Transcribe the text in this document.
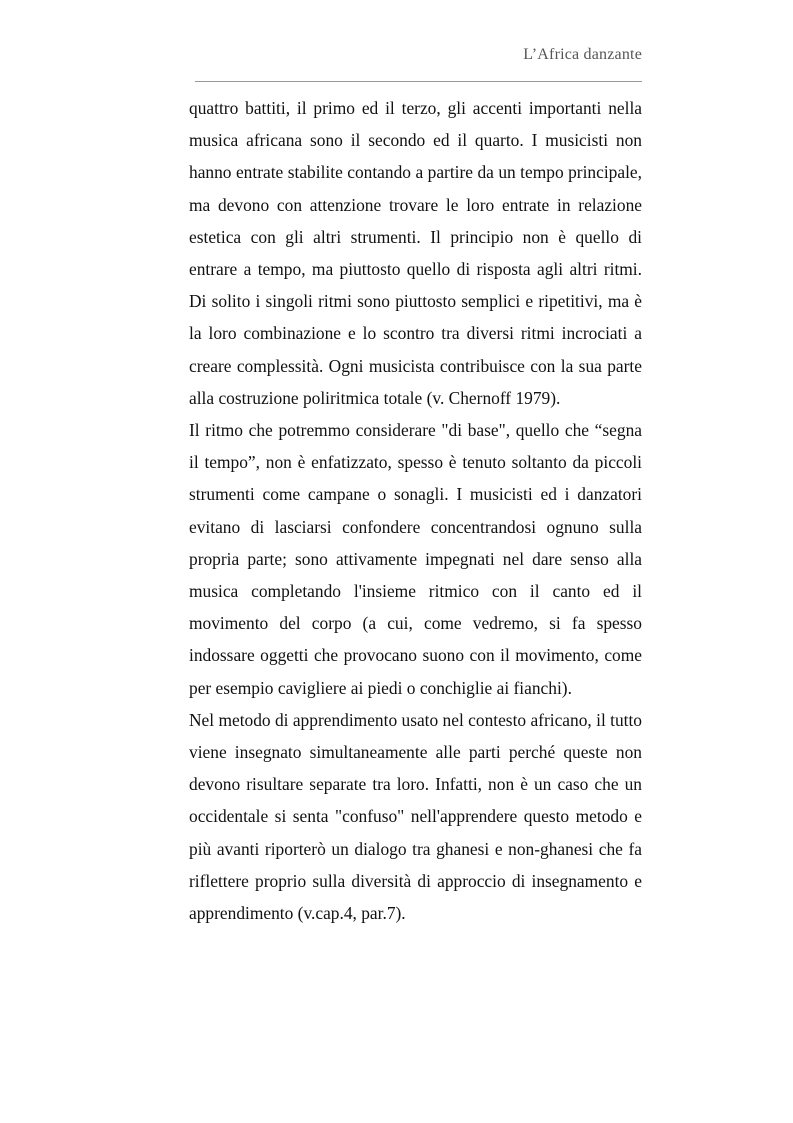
L’Africa danzante

quattro battiti, il primo ed il terzo, gli accenti importanti nella musica africana sono il secondo ed il quarto. I musicisti non hanno entrate stabilite contando a partire da un tempo principale, ma devono con attenzione trovare le loro entrate in relazione estetica con gli altri strumenti. Il principio non è quello di entrare a tempo, ma piuttosto quello di risposta agli altri ritmi. Di solito i singoli ritmi sono piuttosto semplici e ripetitivi, ma è la loro combinazione e lo scontro tra diversi ritmi incrociati a creare complessità. Ogni musicista contribuisce con la sua parte alla costruzione poliritmica totale (v. Chernoff 1979).

Il ritmo che potremmo considerare "di base", quello che “segna il tempo”, non è enfatizzato, spesso è tenuto soltanto da piccoli strumenti come campane o sonagli. I musicisti ed i danzatori evitano di lasciarsi confondere concentrandosi ognuno sulla propria parte; sono attivamente impegnati nel dare senso alla musica completando l'insieme ritmico con il canto ed il movimento del corpo (a cui, come vedremo, si fa spesso indossare oggetti che provocano suono con il movimento, come per esempio cavigliere ai piedi o conchiglie ai fianchi).

Nel metodo di apprendimento usato nel contesto africano, il tutto viene insegnato simultaneamente alle parti perché queste non devono risultare separate tra loro. Infatti, non è un caso che un occidentale si senta "confuso" nell'apprendere questo metodo e più avanti riporterò un dialogo tra ghanesi e non-ghanesi che fa riflettere proprio sulla diversità di approccio di insegnamento e apprendimento (v.cap.4, par.7).
